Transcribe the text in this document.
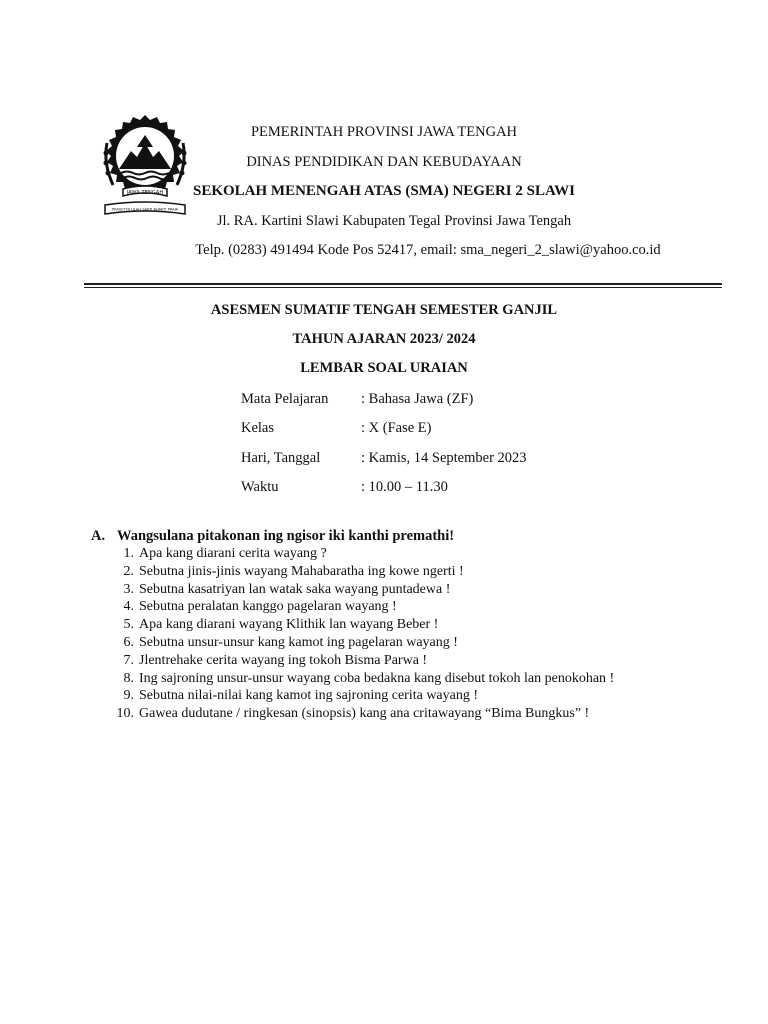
JAWA TENGAH
PRASETYA ULAH SAKTI BHAKTI PRAJA
PEMERINTAH PROVINSI JAWA TENGAH
DINAS PENDIDIKAN DAN KEBUDAYAAN
SEKOLAH MENENGAH ATAS (SMA) NEGERI 2 SLAWI
Jl. RA. Kartini Slawi Kabupaten Tegal Provinsi Jawa Tengah
Telp. (0283) 491494 Kode Pos 52417, email: sma_negeri_2_slawi@yahoo.co.id
ASESMEN SUMATIF TENGAH SEMESTER GANJIL
TAHUN AJARAN 2023/ 2024
LEMBAR SOAL URAIAN
Mata Pelajaran : Bahasa Jawa (ZF)
Kelas	: X (Fase E)
Hari, Tanggal	: Kamis, 14 September 2023
Waktu	: 10.00 – 11.30
A. Wangsulana pitakonan ing ngisor iki kanthi premathi!
1. Apa kang diarani cerita wayang ?
2. Sebutna jinis-jinis wayang Mahabaratha ing kowe ngerti !
3. Sebutna kasatriyan lan watak saka wayang puntadewa !
4. Sebutna peralatan kanggo pagelaran wayang !
5. Apa kang diarani wayang Klithik lan wayang Beber !
6. Sebutna unsur-unsur kang kamot ing pagelaran wayang !
7. Jlentrehake cerita wayang ing tokoh Bisma Parwa !
8. Ing sajroning unsur-unsur wayang coba bedakna kang disebut tokoh lan penokohan !
9. Sebutna nilai-nilai kang kamot ing sajroning cerita wayang !
10. Gawea dudutane / ringkesan (sinopsis) kang ana critawayang “Bima Bungkus” !
